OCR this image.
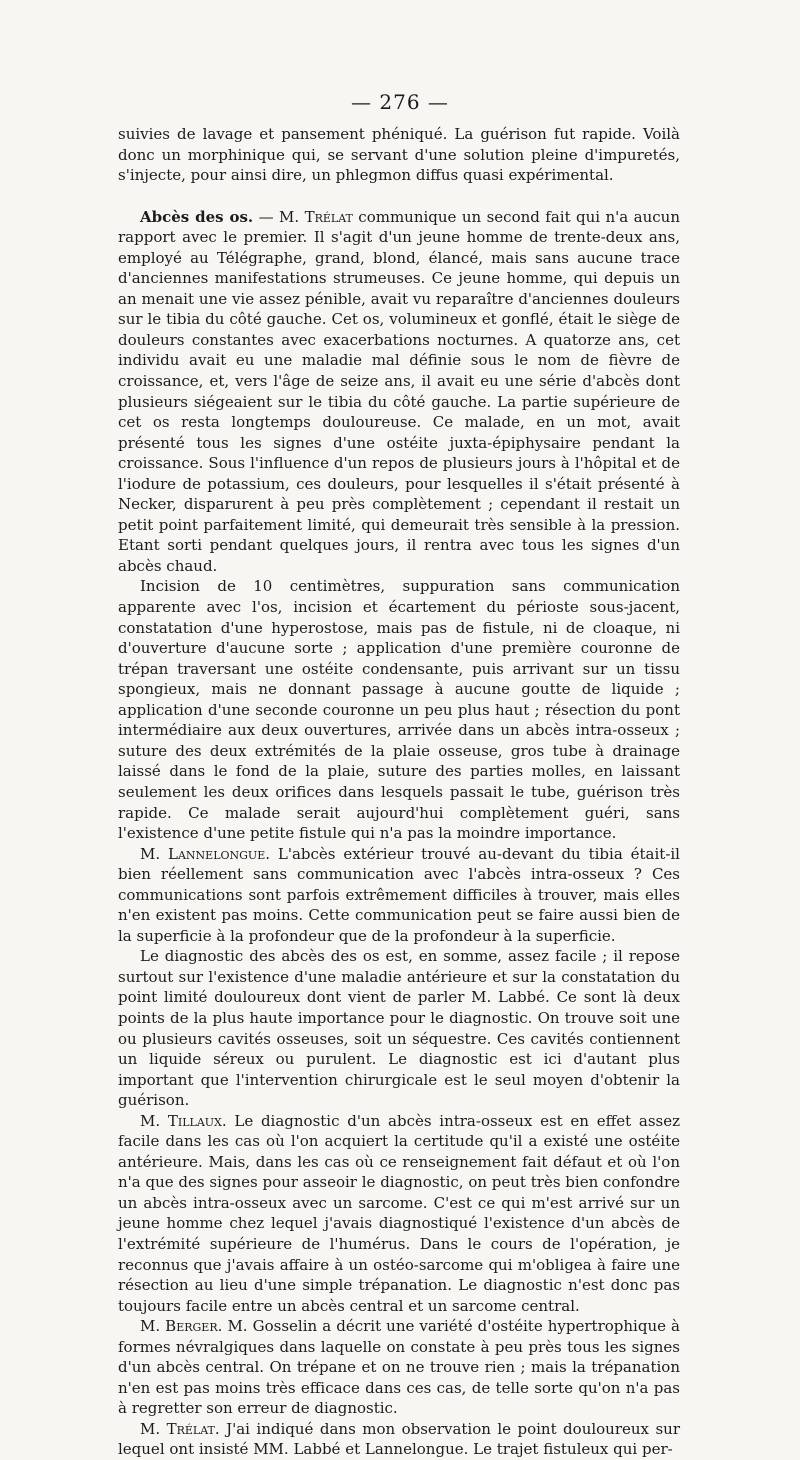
— 276 —

suivies de lavage et pansement phéniqué. La guérison fut rapide. Voilà donc un morphinique qui, se servant d'une solution pleine d'impuretés, s'injecte, pour ainsi dire, un phlegmon diffus quasi expérimental.

Abcès des os. — M. Trélat communique un second fait qui n'a aucun rapport avec le premier. Il s'agit d'un jeune homme de trente-deux ans, employé au Télégraphe, grand, blond, élancé, mais sans aucune trace d'anciennes manifestations strumeuses. Ce jeune homme, qui depuis un an menait une vie assez pénible, avait vu reparaître d'anciennes douleurs sur le tibia du côté gauche. Cet os, volumineux et gonflé, était le siège de douleurs constantes avec exacerbations nocturnes. A quatorze ans, cet individu avait eu une maladie mal définie sous le nom de fièvre de croissance, et, vers l'âge de seize ans, il avait eu une série d'abcès dont plusieurs siégeaient sur le tibia du côté gauche. La partie supérieure de cet os resta longtemps douloureuse. Ce malade, en un mot, avait présenté tous les signes d'une ostéite juxta-épiphysaire pendant la croissance. Sous l'influence d'un repos de plusieurs jours à l'hôpital et de l'iodure de potassium, ces douleurs, pour lesquelles il s'était présenté à Necker, disparurent à peu près complètement ; cependant il restait un petit point parfaitement limité, qui demeurait très sensible à la pression. Etant sorti pendant quelques jours, il rentra avec tous les signes d'un abcès chaud.

Incision de 10 centimètres, suppuration sans communication apparente avec l'os, incision et écartement du périoste sous-jacent, constatation d'une hyperostose, mais pas de fistule, ni de cloaque, ni d'ouverture d'aucune sorte ; application d'une première couronne de trépan traversant une ostéite condensante, puis arrivant sur un tissu spongieux, mais ne donnant passage à aucune goutte de liquide ; application d'une seconde couronne un peu plus haut ; résection du pont intermédiaire aux deux ouvertures, arrivée dans un abcès intra-osseux ; suture des deux extrémités de la plaie osseuse, gros tube à drainage laissé dans le fond de la plaie, suture des parties molles, en laissant seulement les deux orifices dans lesquels passait le tube, guérison très rapide. Ce malade serait aujourd'hui complètement guéri, sans l'existence d'une petite fistule qui n'a pas la moindre importance.

M. Lannelongue. L'abcès extérieur trouvé au-devant du tibia était-il bien réellement sans communication avec l'abcès intra-osseux ? Ces communications sont parfois extrêmement difficiles à trouver, mais elles n'en existent pas moins. Cette communication peut se faire aussi bien de la superficie à la profondeur que de la profondeur à la superficie.

Le diagnostic des abcès des os est, en somme, assez facile ; il repose surtout sur l'existence d'une maladie antérieure et sur la constatation du point limité douloureux dont vient de parler M. Labbé. Ce sont là deux points de la plus haute importance pour le diagnostic. On trouve soit une ou plusieurs cavités osseuses, soit un séquestre. Ces cavités contiennent un liquide séreux ou purulent. Le diagnostic est ici d'autant plus important que l'intervention chirurgicale est le seul moyen d'obtenir la guérison.

M. Tillaux. Le diagnostic d'un abcès intra-osseux est en effet assez facile dans les cas où l'on acquiert la certitude qu'il a existé une ostéite antérieure. Mais, dans les cas où ce renseignement fait défaut et où l'on n'a que des signes pour asseoir le diagnostic, on peut très bien confondre un abcès intra-osseux avec un sarcome. C'est ce qui m'est arrivé sur un jeune homme chez lequel j'avais diagnostiqué l'existence d'un abcès de l'extrémité supérieure de l'humérus. Dans le cours de l'opération, je reconnus que j'avais affaire à un ostéo-sarcome qui m'obligea à faire une résection au lieu d'une simple trépanation. Le diagnostic n'est donc pas toujours facile entre un abcès central et un sarcome central.

M. Berger. M. Gosselin a décrit une variété d'ostéite hypertrophique à formes névralgiques dans laquelle on constate à peu près tous les signes d'un abcès central. On trépane et on ne trouve rien ; mais la trépanation n'en est pas moins très efficace dans ces cas, de telle sorte qu'on n'a pas à regretter son erreur de diagnostic.

M. Trélat. J'ai indiqué dans mon observation le point douloureux sur lequel ont insisté MM. Labbé et Lannelongue. Le trajet fistuleux qui per-
